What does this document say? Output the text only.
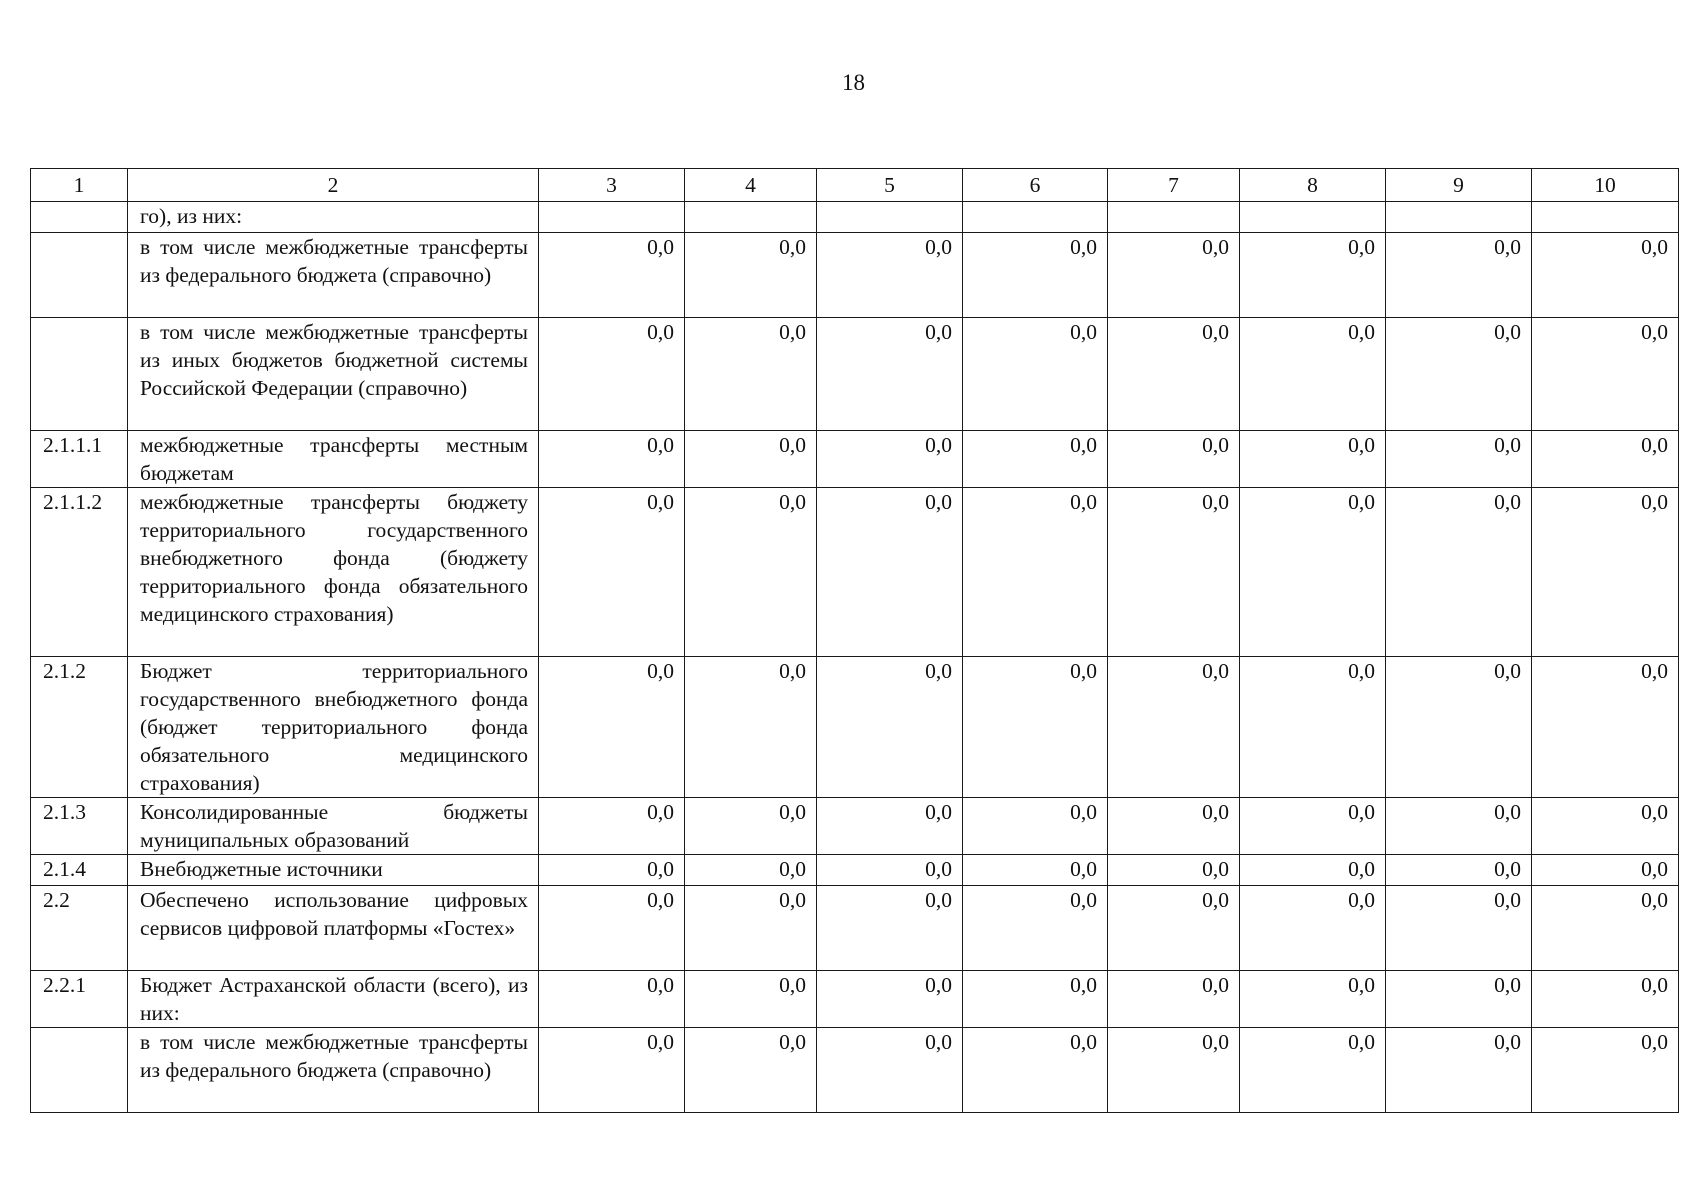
18
1	2	3	4	5	6	7	8	9	10
	го), из них:								
	в том числе межбюджетные трансферты из федерального бюджета (справочно)	0,0	0,0	0,0	0,0	0,0	0,0	0,0	0,0
	в том числе межбюджетные трансферты из иных бюджетов бюджетной системы Российской Федерации (справочно)	0,0	0,0	0,0	0,0	0,0	0,0	0,0	0,0
2.1.1.1	межбюджетные трансферты местным бюджетам	0,0	0,0	0,0	0,0	0,0	0,0	0,0	0,0
2.1.1.2	межбюджетные трансферты бюджету территориального государственного внебюджетного фонда (бюджету территориального фонда обязательного медицинского страхования)	0,0	0,0	0,0	0,0	0,0	0,0	0,0	0,0
2.1.2	Бюджет территориального государственного внебюджетного фонда (бюджет территориального фонда обязательного медицинского страхования)	0,0	0,0	0,0	0,0	0,0	0,0	0,0	0,0
2.1.3	Консолидированные бюджеты муниципальных образований	0,0	0,0	0,0	0,0	0,0	0,0	0,0	0,0
2.1.4	Внебюджетные источники	0,0	0,0	0,0	0,0	0,0	0,0	0,0	0,0
2.2	Обеспечено использование цифровых сервисов цифровой платформы «Гостех»	0,0	0,0	0,0	0,0	0,0	0,0	0,0	0,0
2.2.1	Бюджет Астраханской области (всего), из них:	0,0	0,0	0,0	0,0	0,0	0,0	0,0	0,0
	в том числе межбюджетные трансферты из федерального бюджета (справочно)	0,0	0,0	0,0	0,0	0,0	0,0	0,0	0,0
